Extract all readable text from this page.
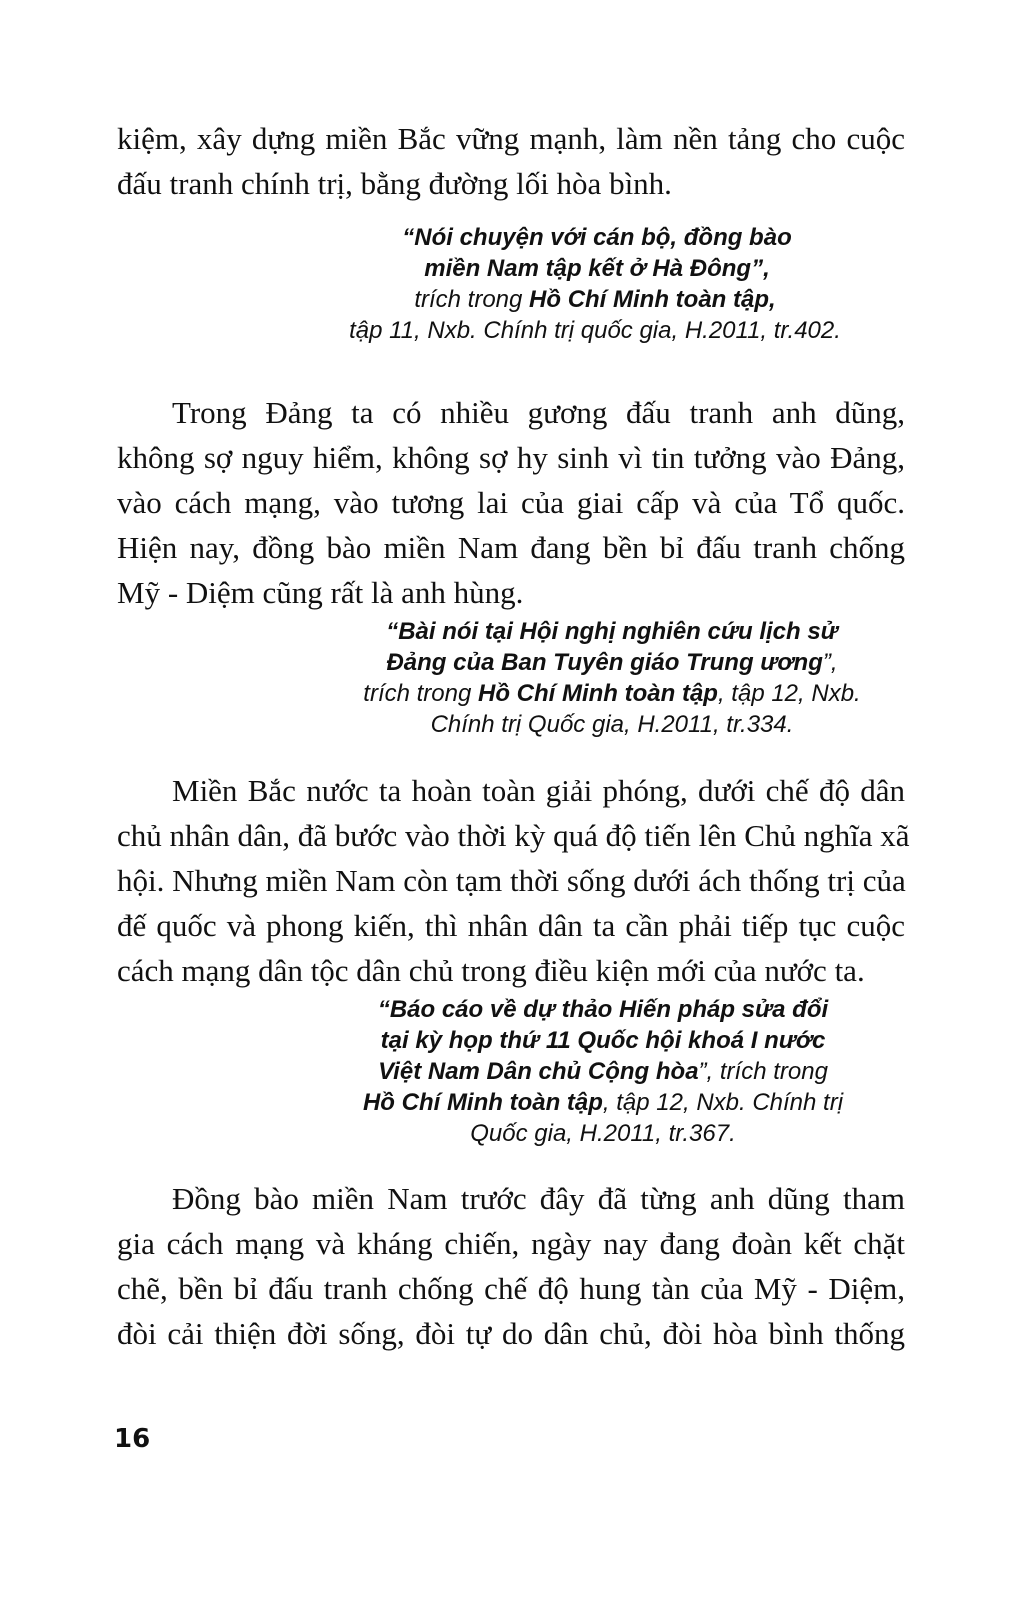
kiệm, xây dựng miền Bắc vững mạnh, làm nền tảng cho cuộc
đấu tranh chính trị, bằng đường lối hòa bình.

“Nói chuyện với cán bộ, đồng bào
miền Nam tập kết ở Hà Đông”,
trích trong Hồ Chí Minh toàn tập,
tập 11, Nxb. Chính trị quốc gia, H.2011, tr.402.

Trong Đảng ta có nhiều gương đấu tranh anh dũng,
không sợ nguy hiểm, không sợ hy sinh vì tin tưởng vào Đảng,
vào cách mạng, vào tương lai của giai cấp và của Tổ quốc.
Hiện nay, đồng bào miền Nam đang bền bỉ đấu tranh chống
Mỹ - Diệm cũng rất là anh hùng.

“Bài nói tại Hội nghị nghiên cứu lịch sử
Đảng của Ban Tuyên giáo Trung ương”,
trích trong Hồ Chí Minh toàn tập, tập 12, Nxb.
Chính trị Quốc gia, H.2011, tr.334.

Miền Bắc nước ta hoàn toàn giải phóng, dưới chế độ dân
chủ nhân dân, đã bước vào thời kỳ quá độ tiến lên Chủ nghĩa xã
hội. Nhưng miền Nam còn tạm thời sống dưới ách thống trị của
đế quốc và phong kiến, thì nhân dân ta cần phải tiếp tục cuộc
cách mạng dân tộc dân chủ trong điều kiện mới của nước ta.

“Báo cáo về dự thảo Hiến pháp sửa đổi
tại kỳ họp thứ 11 Quốc hội khoá I nước
Việt Nam Dân chủ Cộng hòa”, trích trong
Hồ Chí Minh toàn tập, tập 12, Nxb. Chính trị
Quốc gia, H.2011, tr.367.

Đồng bào miền Nam trước đây đã từng anh dũng tham
gia cách mạng và kháng chiến, ngày nay đang đoàn kết chặt
chẽ, bền bỉ đấu tranh chống chế độ hung tàn của Mỹ - Diệm,
đòi cải thiện đời sống, đòi tự do dân chủ, đòi hòa bình thống

16
